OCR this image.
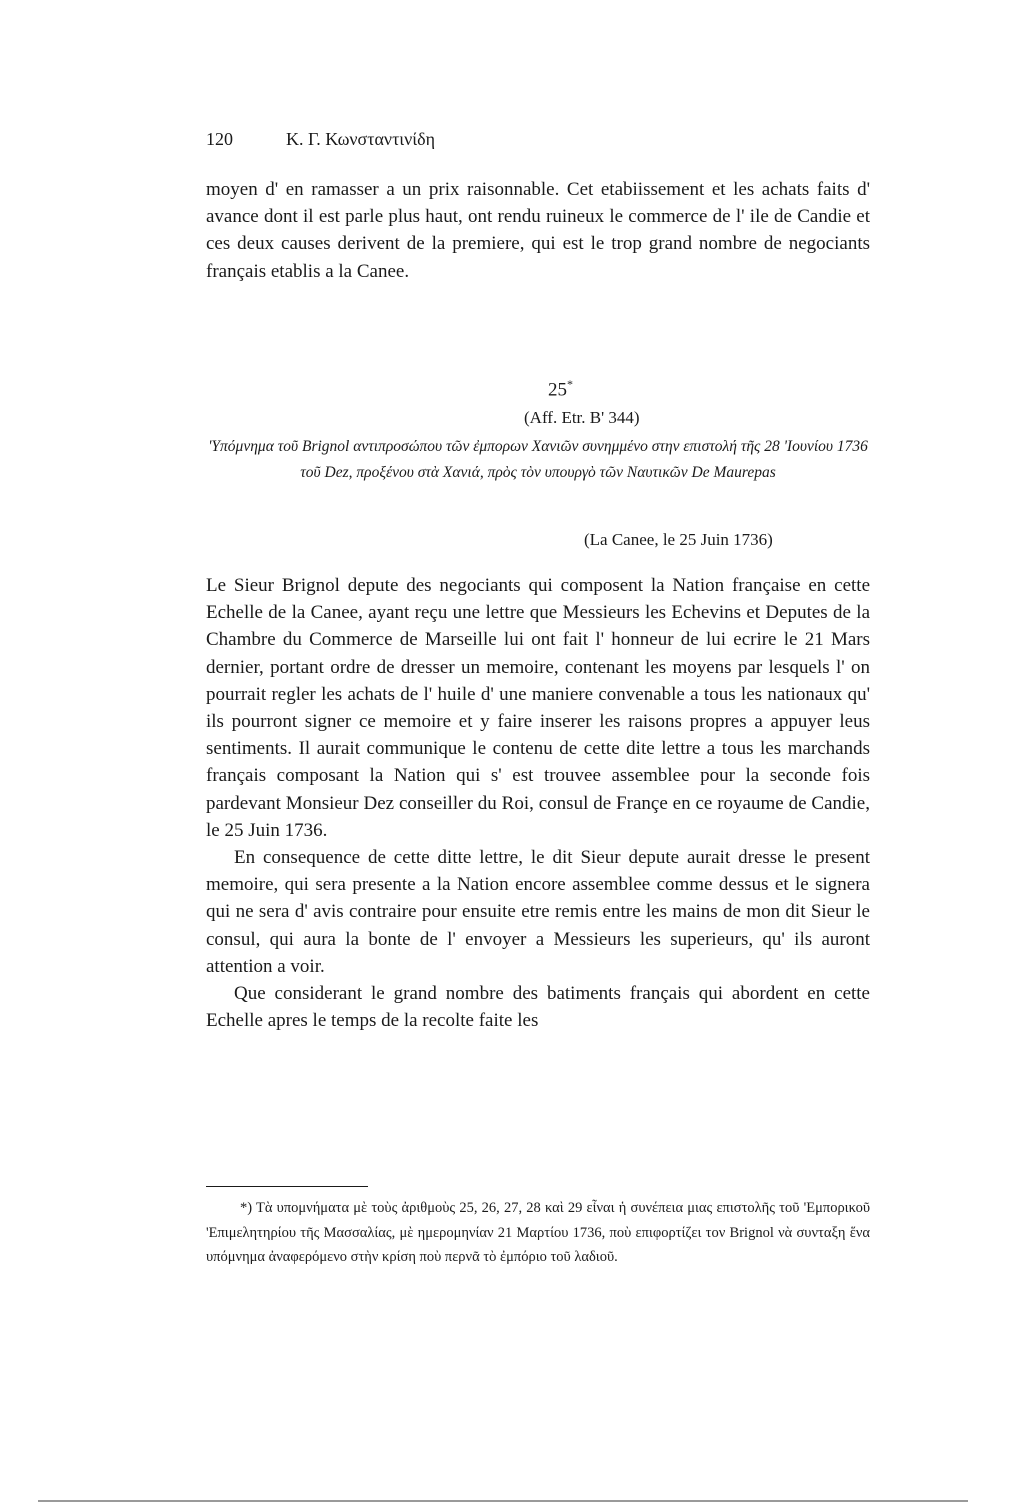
120	Κ. Γ. Κωνσταντινίδη
moyen d' en ramasser a un prix raisonnable. Cet etabiissement et les achats faits d' avance dont il est parle plus haut, ont rendu ruineux le commerce de l' ile de Candie et ces deux causes derivent de la premiere, qui est le trop grand nombre de negociants français etablis a la Canee.
25*
(Aff. Etr. B' 344)
'Υπόμνημα τοῦ Brignol αντιπροσώπου τῶν ἐμπορων Χανιῶν συνημμένο στην επιστολή τῆς 28 'Ιουνίου 1736 τοῦ Dez, προξένου στὰ Χανιά, πρὸς τὸν υπουργὸ τῶν Ναυτικῶν De Maurepas
(La Canee, le 25 Juin 1736)

Le Sieur Brignol depute des negociants qui composent la Nation française en cette Echelle de la Canee, ayant reçu une lettre que Messieurs les Echevins et Deputes de la Chambre du Commerce de Marseille lui ont fait l' honneur de lui ecrire le 21 Mars dernier, portant ordre de dresser un memoire, contenant les moyens par lesquels l' on pourrait regler les achats de l' huile d' une maniere convenable a tous les nationaux qu' ils pourront signer ce memoire et y faire inserer les raisons propres a appuyer leus sentiments. Il aurait communique le contenu de cette dite lettre a tous les marchands français composant la Nation qui s' est trouvee assemblee pour la seconde fois pardevant Monsieur Dez conseiller du Roi, consul de Françe en ce royaume de Candie, le 25 Juin 1736.

En consequence de cette ditte lettre, le dit Sieur depute aurait dresse le present memoire, qui sera presente a la Nation encore assemblee comme dessus et le signera qui ne sera d' avis contraire pour ensuite etre remis entre les mains de mon dit Sieur le consul, qui aura la bonte de l' envoyer a Messieurs les superieurs, qu' ils auront attention a voir.

Que considerant le grand nombre des batiments français qui abordent en cette Echelle apres le temps de la recolte faite les

*) Τὰ υπομνήματα μὲ τοὺς ἀριθμοὺς 25, 26, 27, 28 καὶ 29 εἶναι ἡ συνέπεια μιας επιστολῆς τοῦ 'Εμπορικοῦ 'Επιμελητηρίου τῆς Μασσαλίας, μὲ ημερομηνίαν 21 Μαρτίου 1736, ποὺ επιφορτίζει τον Brignol νὰ συνταξη ἕνα υπόμνημα ἀναφερόμενο στὴν κρίση ποὺ περνᾶ τὸ ἐμπόριο τοῦ λαδιοῦ.
